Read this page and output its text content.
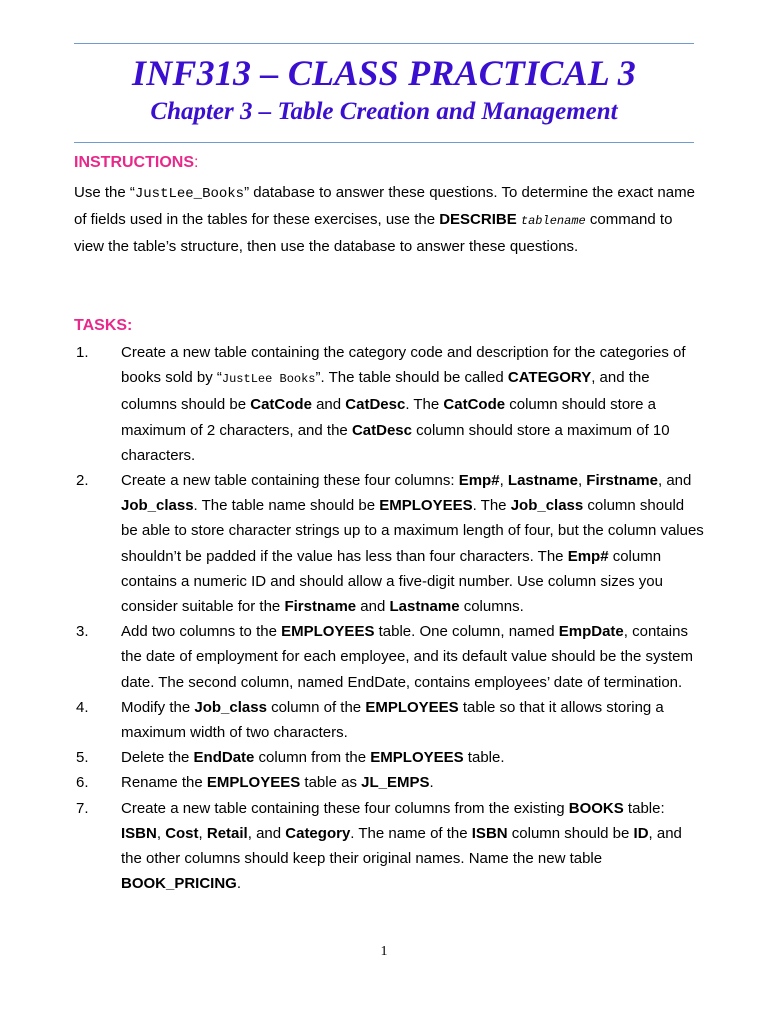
INF313 – CLASS PRACTICAL 3
Chapter 3 – Table Creation and Management
INSTRUCTIONS:

Use the “JustLee_Books” database to answer these questions. To determine the exact name of fields used in the tables for these exercises, use the DESCRIBE tablename command to view the table’s structure, then use the database to answer these questions.

TASKS:
1. Create a new table containing the category code and description for the categories of books sold by “JustLee Books”. The table should be called CATEGORY, and the columns should be CatCode and CatDesc. The CatCode column should store a maximum of 2 characters, and the CatDesc column should store a maximum of 10 characters.
2. Create a new table containing these four columns: Emp#, Lastname, Firstname, and Job_class. The table name should be EMPLOYEES. The Job_class column should be able to store character strings up to a maximum length of four, but the column values shouldn’t be padded if the value has less than four characters. The Emp# column contains a numeric ID and should allow a five-digit number. Use column sizes you consider suitable for the Firstname and Lastname columns.
3. Add two columns to the EMPLOYEES table. One column, named EmpDate, contains the date of employment for each employee, and its default value should be the system date. The second column, named EndDate, contains employees’ date of termination.
4. Modify the Job_class column of the EMPLOYEES table so that it allows storing a maximum width of two characters.
5. Delete the EndDate column from the EMPLOYEES table.
6. Rename the EMPLOYEES table as JL_EMPS.
7. Create a new table containing these four columns from the existing BOOKS table: ISBN, Cost, Retail, and Category. The name of the ISBN column should be ID, and the other columns should keep their original names. Name the new table BOOK_PRICING.
1
